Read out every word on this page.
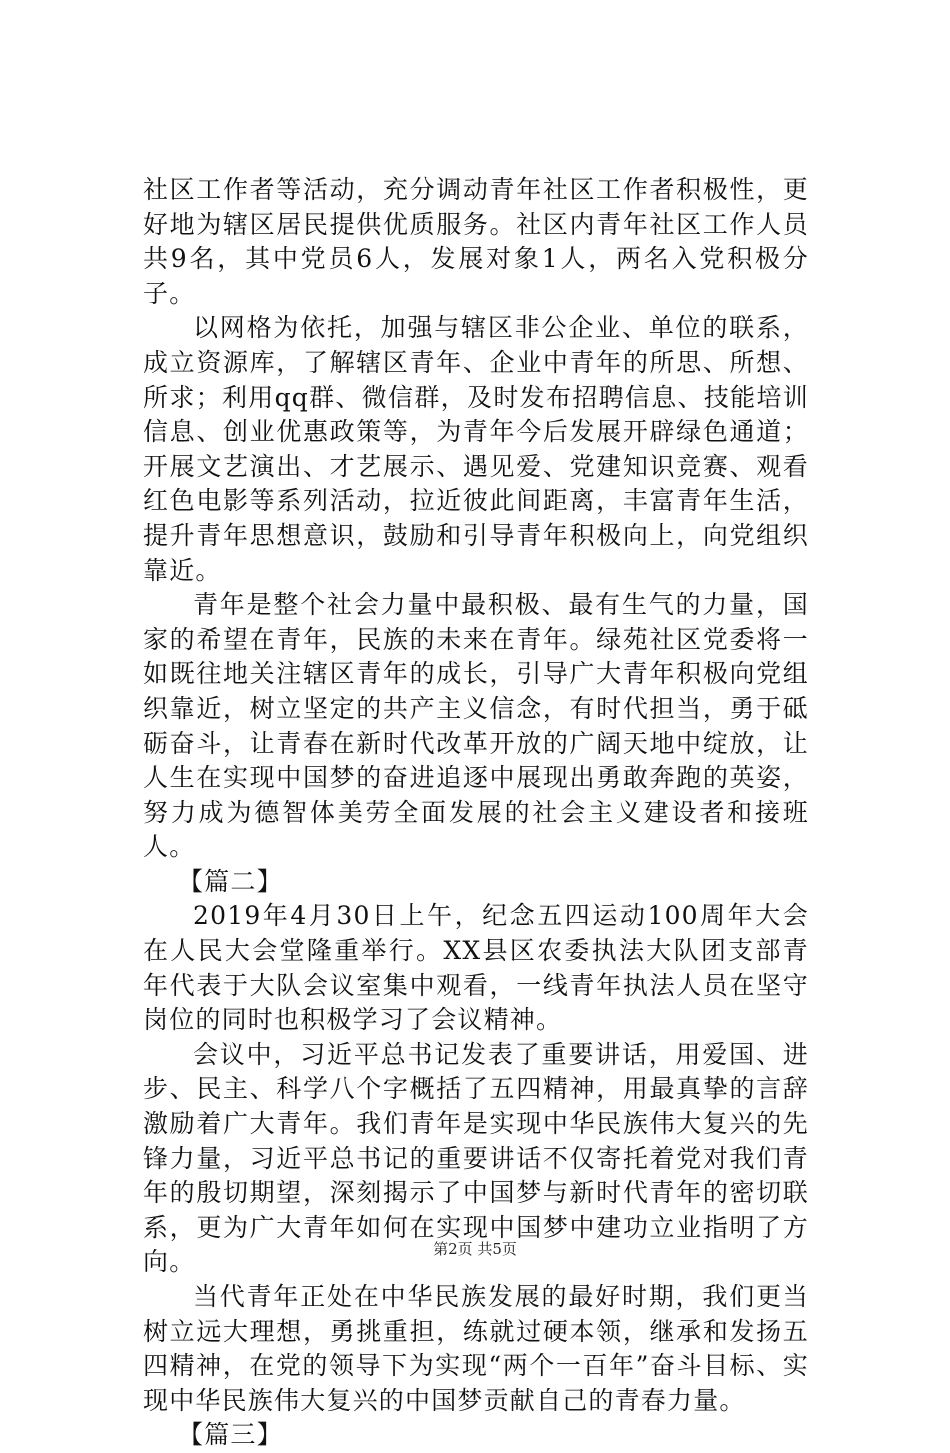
社区工作者等活动，充分调动青年社区工作者积极性，更好地为辖区居民提供优质服务。社区内青年社区工作人员共9名，其中党员6人，发展对象1人，两名入党积极分子。

以网格为依托，加强与辖区非公企业、单位的联系，成立资源库，了解辖区青年、企业中青年的所思、所想、所求；利用qq群、微信群，及时发布招聘信息、技能培训信息、创业优惠政策等，为青年今后发展开辟绿色通道；开展文艺演出、才艺展示、遇见爱、党建知识竞赛、观看红色电影等系列活动，拉近彼此间距离，丰富青年生活，提升青年思想意识，鼓励和引导青年积极向上，向党组织靠近。

青年是整个社会力量中最积极、最有生气的力量，国家的希望在青年，民族的未来在青年。绿苑社区党委将一如既往地关注辖区青年的成长，引导广大青年积极向党组织靠近，树立坚定的共产主义信念，有时代担当，勇于砥砺奋斗，让青春在新时代改革开放的广阔天地中绽放，让人生在实现中国梦的奋进追逐中展现出勇敢奔跑的英姿，努力成为德智体美劳全面发展的社会主义建设者和接班人。

【篇二】

2019年4月30日上午，纪念五四运动100周年大会在人民大会堂隆重举行。XX县区农委执法大队团支部青年代表于大队会议室集中观看，一线青年执法人员在坚守岗位的同时也积极学习了会议精神。

会议中，习近平总书记发表了重要讲话，用爱国、进步、民主、科学八个字概括了五四精神，用最真挚的言辞激励着广大青年。我们青年是实现中华民族伟大复兴的先锋力量，习近平总书记的重要讲话不仅寄托着党对我们青年的殷切期望，深刻揭示了中国梦与新时代青年的密切联系，更为广大青年如何在实现中国梦中建功立业指明了方向。

当代青年正处在中华民族发展的最好时期，我们更当树立远大理想，勇挑重担，练就过硬本领，继承和发扬五四精神，在党的领导下为实现“两个一百年”奋斗目标、实现中华民族伟大复兴的中国梦贡献自己的青春力量。

【篇三】

第2页 共5页
